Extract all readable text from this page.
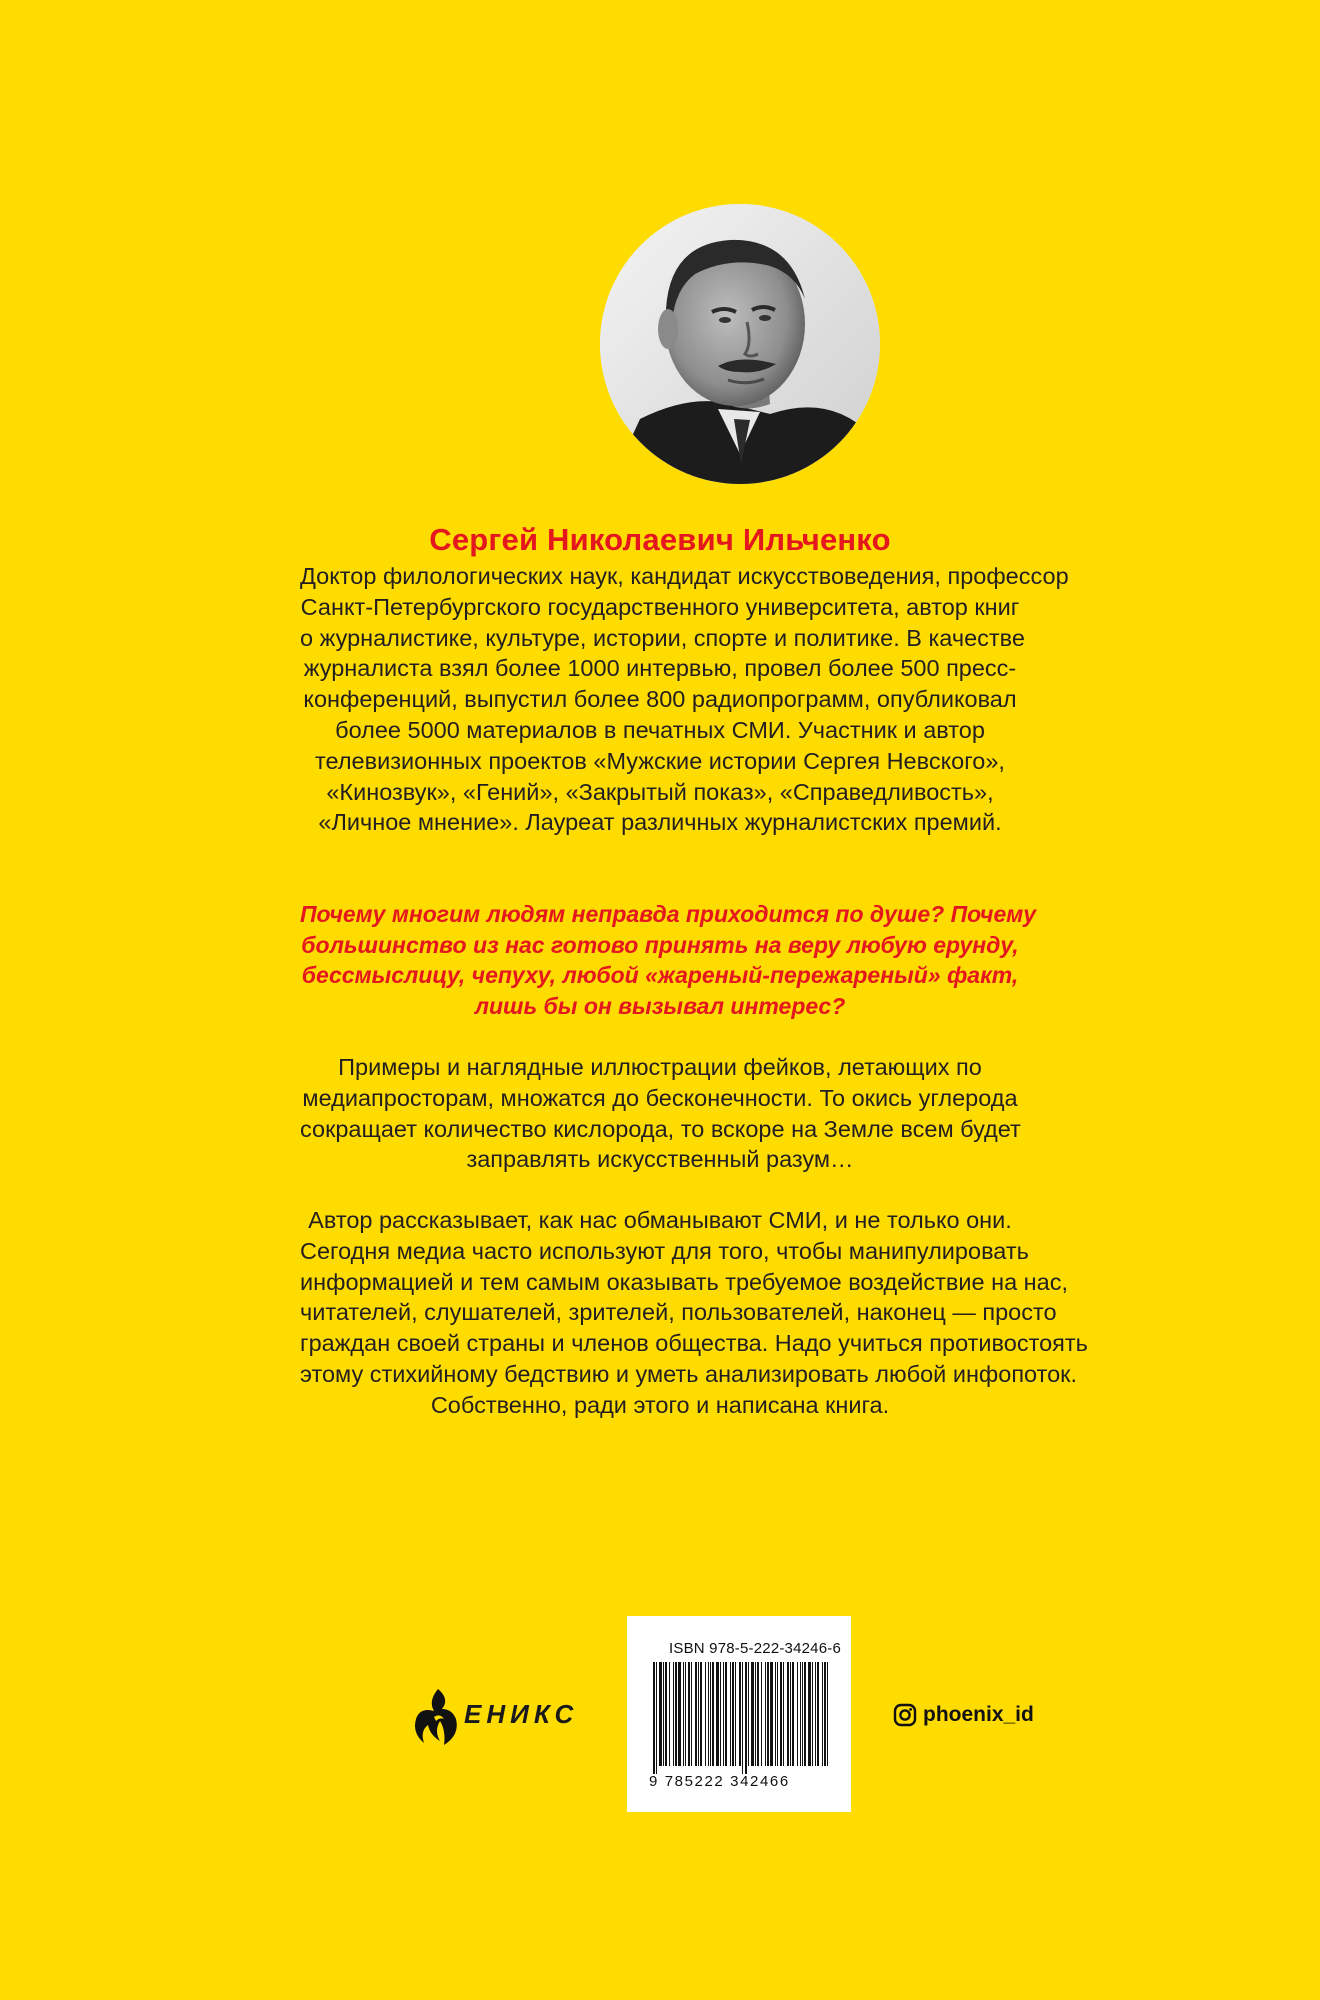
Сергей Николаевич Ильченко
Доктор филологических наук, кандидат искусствоведения, профессор
Санкт-Петербургского государственного университета, автор книг
о журналистике, культуре, истории, спорте и политике. В качестве
журналиста взял более 1000 интервью, провел более 500 пресс-
конференций, выпустил более 800 радиопрограмм, опубликовал
более 5000 материалов в печатных СМИ. Участник и автор
телевизионных проектов «Мужские истории Сергея Невского»,
«Кинозвук», «Гений», «Закрытый показ», «Справедливость»,
«Личное мнение». Лауреат различных журналистских премий.
Почему многим людям неправда приходится по душе? Почему
большинство из нас готово принять на веру любую ерунду,
бессмыслицу, чепуху, любой «жареный-пережареный» факт,
лишь бы он вызывал интерес?
Примеры и наглядные иллюстрации фейков, летающих по
медиапросторам, множатся до бесконечности. То окись углерода
сокращает количество кислорода, то вскоре на Земле всем будет
заправлять искусственный разум…
Автор рассказывает, как нас обманывают СМИ, и не только они.
Сегодня медиа часто используют для того, чтобы манипулировать
информацией и тем самым оказывать требуемое воздействие на нас,
читателей, слушателей, зрителей, пользователей, наконец — просто
граждан своей страны и членов общества. Надо учиться противостоять
этому стихийному бедствию и уметь анализировать любой инфопоток.
Собственно, ради этого и написана книга.
ЕНИКС
ISBN 978-5-222-34246-6
9 785222 342466
phoenix_id
